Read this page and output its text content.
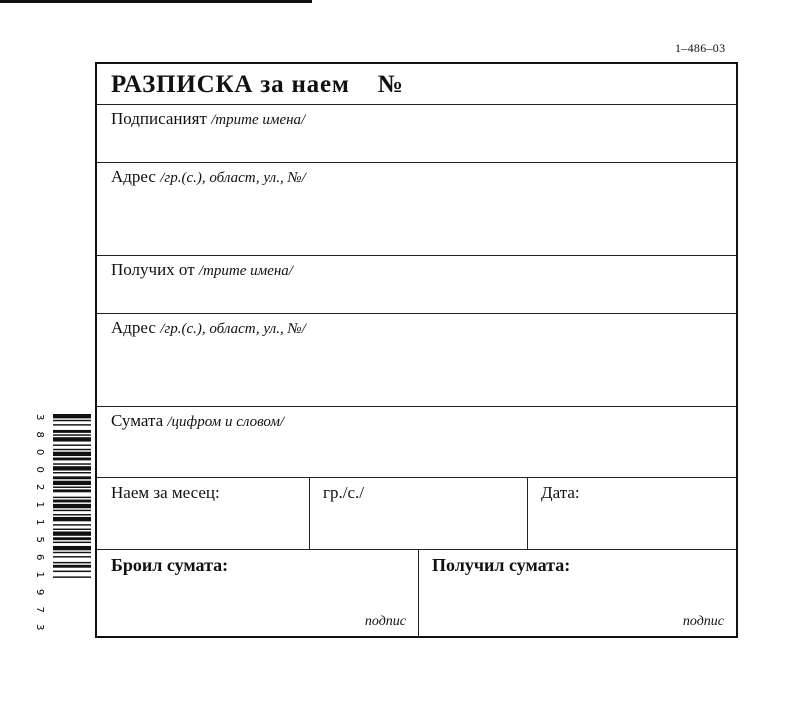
1–486–03
РАЗПИСКА за наем №
Подписаният /трите имена/
Адрес /гр.(с.), област, ул., №/
Получих от /трите имена/
Адрес /гр.(с.), област, ул., №/
Сумата /цифром и словом/
Наем за месец:	гр./с./	Дата:
Броил сумата:
подпис
Получил сумата:
подпис
3
8
0
0
2
1
1
5
6
1
9
7
3
